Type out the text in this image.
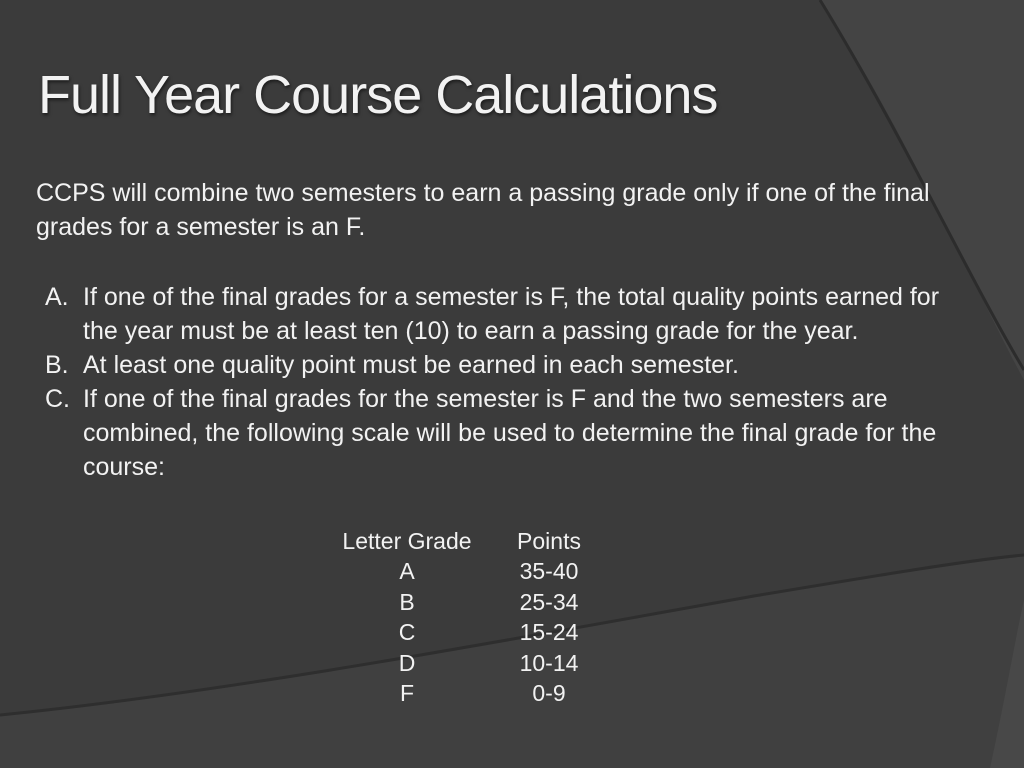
Full Year Course Calculations

CCPS will combine two semesters to earn a passing grade only if one of the final grades for a semester is an F.

A. If one of the final grades for a semester is F, the total quality points earned for the year must be at least ten (10) to earn a passing grade for the year.
B. At least one quality point must be earned in each semester.
C. If one of the final grades for the semester is F and the two semesters are combined, the following scale will be used to determine the final grade for the course:
Letter Grade	Points
A	35-40
B	25-34
C	15-24
D	10-14
F	0-9
